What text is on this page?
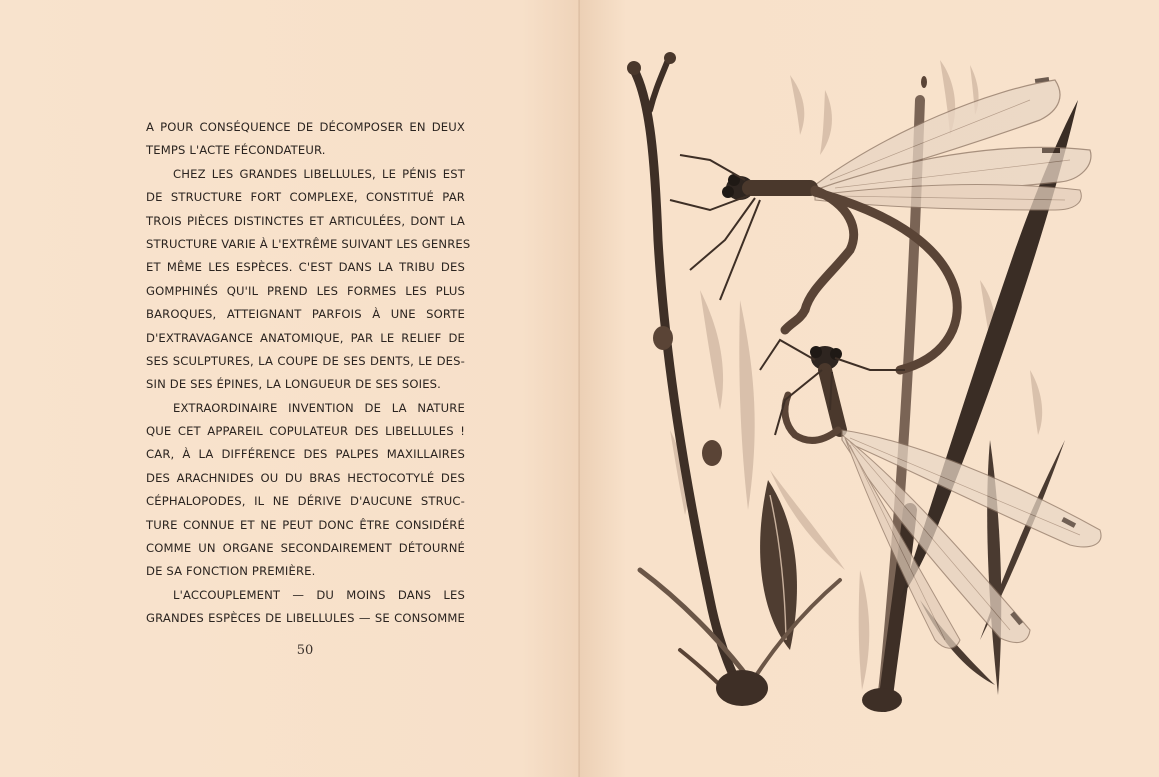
A POUR CONSÉQUENCE DE DÉCOMPOSER EN DEUX
TEMPS L'ACTE FÉCONDATEUR.
CHEZ LES GRANDES LIBELLULES, LE PÉNIS EST
DE STRUCTURE FORT COMPLEXE, CONSTITUÉ PAR
TROIS PIÈCES DISTINCTES ET ARTICULÉES, DONT LA
STRUCTURE VARIE À L'EXTRÊME SUIVANT LES GENRES
ET MÊME LES ESPÈCES. C'EST DANS LA TRIBU DES
GOMPHINÉS QU'IL PREND LES FORMES LES PLUS
BAROQUES, ATTEIGNANT PARFOIS À UNE SORTE
D'EXTRAVAGANCE ANATOMIQUE, PAR LE RELIEF DE
SES SCULPTURES, LA COUPE DE SES DENTS, LE DES-
SIN DE SES ÉPINES, LA LONGUEUR DE SES SOIES.
EXTRAORDINAIRE INVENTION DE LA NATURE
QUE CET APPAREIL COPULATEUR DES LIBELLULES !
CAR, À LA DIFFÉRENCE DES PALPES MAXILLAIRES
DES ARACHNIDES OU DU BRAS HECTOCOTYLÉ DES
CÉPHALOPODES, IL NE DÉRIVE D'AUCUNE STRUC-
TURE CONNUE ET NE PEUT DONC ÊTRE CONSIDÉRÉ
COMME UN ORGANE SECONDAIREMENT DÉTOURNÉ
DE SA FONCTION PREMIÈRE.
L'ACCOUPLEMENT — DU MOINS DANS LES
GRANDES ESPÈCES DE LIBELLULES — SE CONSOMME
50
